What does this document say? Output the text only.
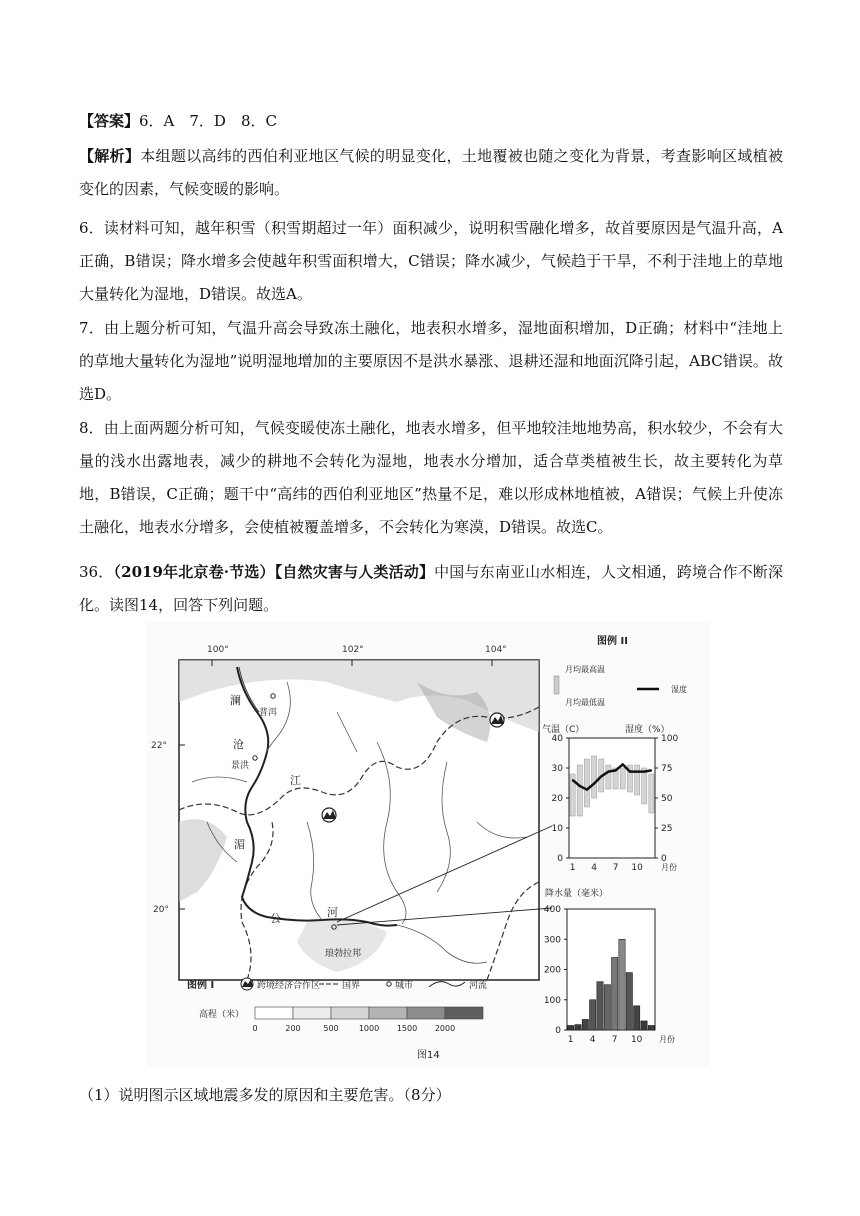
【答案】6．A　7．D　8．C
【解析】本组题以高纬的西伯利亚地区气候的明显变化，土地覆被也随之变化为背景，考查影响区域植被变化的因素，气候变暖的影响。
6．读材料可知，越年积雪（积雪期超过一年）面积减少，说明积雪融化增多，故首要原因是气温升高，A正确，B错误；降水增多会使越年积雪面积增大，C错误；降水减少，气候趋于干旱，不利于洼地上的草地大量转化为湿地，D错误。故选A。
7．由上题分析可知，气温升高会导致冻土融化，地表积水增多，湿地面积增加，D正确；材料中“洼地上的草地大量转化为湿地”说明湿地增加的主要原因不是洪水暴涨、退耕还湿和地面沉降引起，ABC错误。故选D。
8．由上面两题分析可知，气候变暖使冻土融化，地表水增多，但平地较洼地地势高，积水较少，不会有大量的浅水出露地表，减少的耕地不会转化为湿地，地表水分增加，适合草类植被生长，故主要转化为草地，B错误，C正确；题干中“高纬的西伯利亚地区”热量不足，难以形成林地植被，A错误；气候上升使冻土融化，地表水分增多，会使植被覆盖增多，不会转化为寒漠，D错误。故选C。
36．（2019年北京卷·节选）【自然灾害与人类活动】中国与东南亚山水相连，人文相通，跨境合作不断深化。读图14，回答下列问题。
100°	102°	104°
22°
20°
澜
沧
江
湄
公	河
普洱
景洪
琅勃拉邦
图例 I	跨境经济合作区 国界	城市	河流
高程（米）
0	200	500	1000 1500 2000
图例 II
月均最高温
月均最低温
湿度
气温（C）	湿度（%）
0
10
20
30
40
0
25
50
75
100
1 4 7 10 月份
降水量（毫米）
0
100
200
300
400
1 4 7 10 月份
图14
（1）说明图示区域地震多发的原因和主要危害。（8分）
